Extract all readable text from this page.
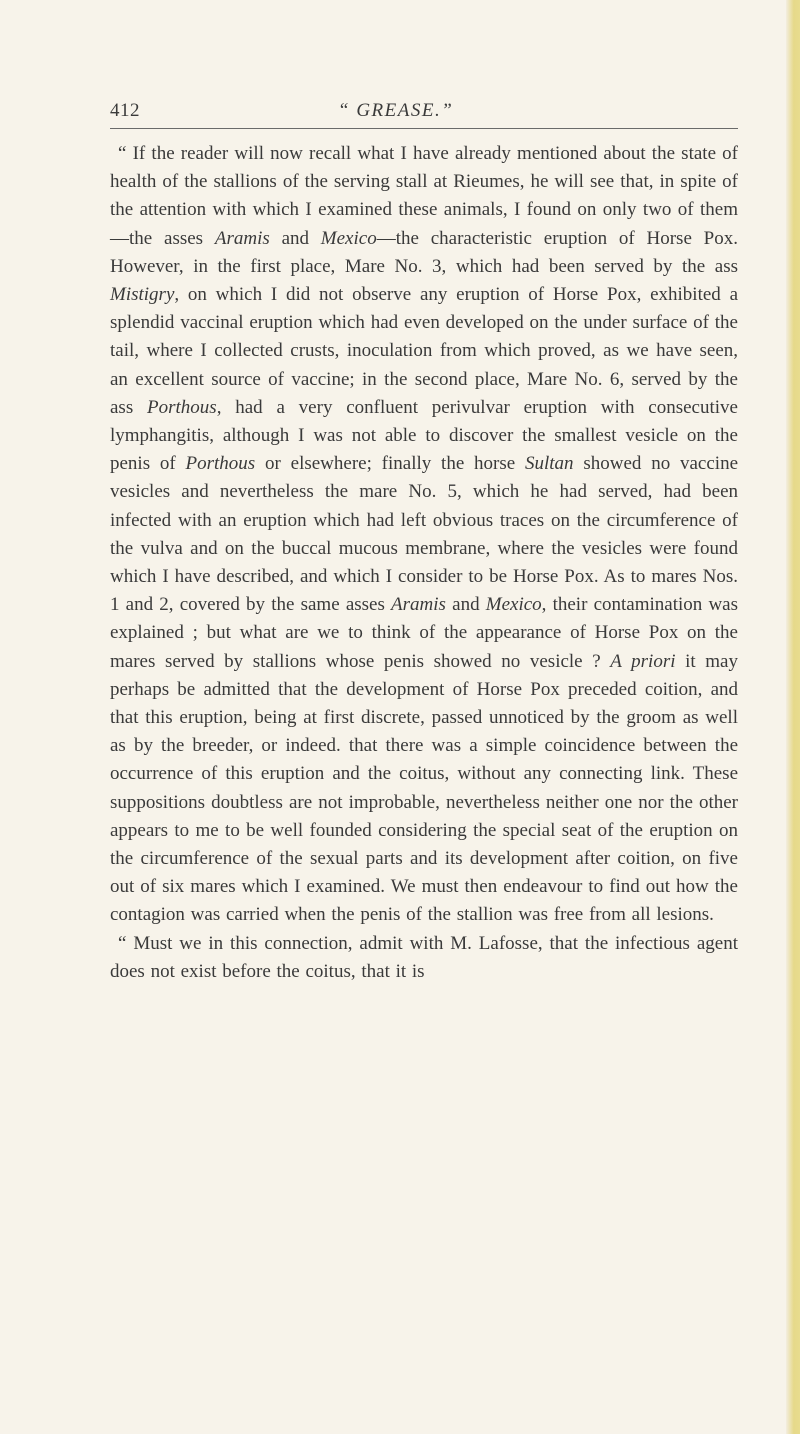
412	“ GREASE.”

“ If the reader will now recall what I have already mentioned about the state of health of the stallions of the serving stall at Rieumes, he will see that, in spite of the attention with which I examined these animals, I found on only two of them—the asses Aramis and Mexico—the characteristic eruption of Horse Pox. However, in the first place, Mare No. 3, which had been served by the ass Mistigry, on which I did not observe any eruption of Horse Pox, exhibited a splendid vaccinal eruption which had even developed on the under surface of the tail, where I collected crusts, inoculation from which proved, as we have seen, an excellent source of vaccine; in the second place, Mare No. 6, served by the ass Porthous, had a very confluent perivulvar eruption with consecutive lymphangitis, although I was not able to discover the smallest vesicle on the penis of Porthous or elsewhere; finally the horse Sultan showed no vaccine vesicles and nevertheless the mare No. 5, which he had served, had been infected with an eruption which had left obvious traces on the circumference of the vulva and on the buccal mucous membrane, where the vesicles were found which I have described, and which I consider to be Horse Pox. As to mares Nos. 1 and 2, covered by the same asses Aramis and Mexico, their contamination was explained ; but what are we to think of the appearance of Horse Pox on the mares served by stallions whose penis showed no vesicle ? A priori it may perhaps be admitted that the development of Horse Pox preceded coition, and that this eruption, being at first discrete, passed unnoticed by the groom as well as by the breeder, or indeed. that there was a simple coincidence between the occurrence of this eruption and the coitus, without any connecting link. These suppositions doubtless are not improbable, nevertheless neither one nor the other appears to me to be well founded considering the special seat of the eruption on the circumference of the sexual parts and its development after coition, on five out of six mares which I examined. We must then endeavour to find out how the contagion was carried when the penis of the stallion was free from all lesions.

“ Must we in this connection, admit with M. Lafosse, that the infectious agent does not exist before the coitus, that it is
